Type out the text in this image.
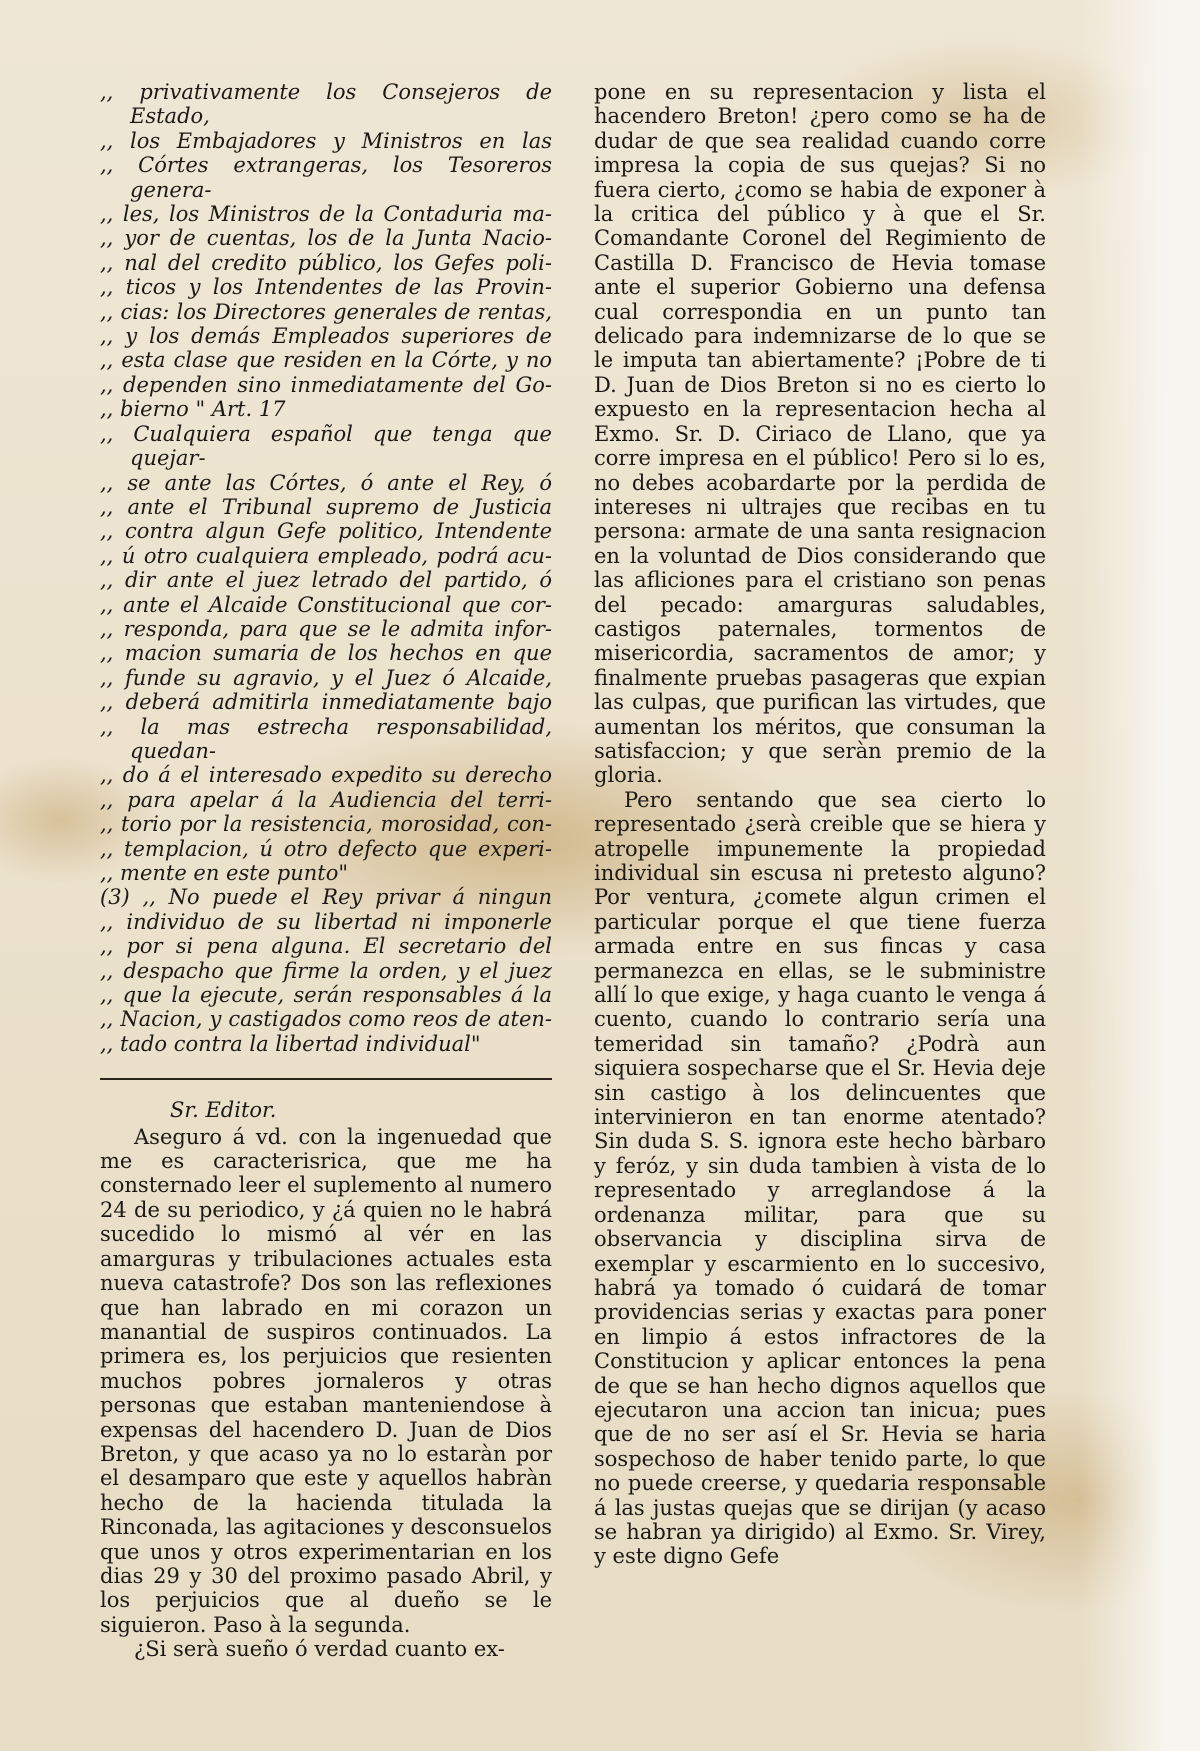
,, privativamente los Consejeros de Estado,
,, los Embajadores y Ministros en las
,, Córtes extrangeras, los Tesoreros genera-
,, les, los Ministros de la Contaduria ma-
,, yor de cuentas, los de la Junta Nacio-
,, nal del credito público, los Gefes poli-
,, ticos y los Intendentes de las Provin-
,, cias: los Directores generales de rentas,
,, y los demás Empleados superiores de
,, esta clase que residen en la Córte, y no
,, dependen sino inmediatamente del Go-
,, bierno " Art. 17
,, Cualquiera español que tenga que quejar-
,, se ante las Córtes, ó ante el Rey, ó
,, ante el Tribunal supremo de Justicia
,, contra algun Gefe politico, Intendente
,, ú otro cualquiera empleado, podrá acu-
,, dir ante el juez letrado del partido, ó
,, ante el Alcaide Constitucional que cor-
,, responda, para que se le admita infor-
,, macion sumaria de los hechos en que
,, funde su agravio, y el Juez ó Alcaide,
,, deberá admitirla inmediatamente bajo
,, la mas estrecha responsabilidad, quedan-
,, do á el interesado expedito su derecho
,, para apelar á la Audiencia del terri-
,, torio por la resistencia, morosidad, con-
,, templacion, ú otro defecto que experi-
,, mente en este punto"
(3) ,, No puede el Rey privar á ningun
,, individuo de su libertad ni imponerle
,, por si pena alguna. El secretario del
,, despacho que firme la orden, y el juez
,, que la ejecute, serán responsables á la
,, Nacion, y castigados como reos de aten-
,, tado contra la libertad individual"

Sr. Editor.

Aseguro á vd. con la ingenuedad que me es caracterisrica, que me ha consternado leer el suplemento al numero 24 de su periodico, y ¿á quien no le habrá sucedido lo mismó al vér en las amarguras y tribulaciones actuales esta nueva catastrofe? Dos son las reflexiones que han labrado en mi corazon un manantial de suspiros continuados. La primera es, los perjuicios que resienten muchos pobres jornaleros y otras personas que estaban manteniendose à expensas del hacendero D. Juan de Dios Breton, y que acaso ya no lo estaràn por el desamparo que este y aquellos habràn hecho de la hacienda titulada la Rinconada, las agitaciones y desconsuelos que unos y otros experimentarian en los dias 29 y 30 del proximo pasado Abril, y los perjuicios que al dueño se le siguieron. Paso à la segunda.

¿Si serà sueño ó verdad cuanto ex-

pone en su representacion y lista el hacendero Breton! ¿pero como se ha de dudar de que sea realidad cuando corre impresa la copia de sus quejas? Si no fuera cierto, ¿como se habia de exponer à la critica del público y à que el Sr. Comandante Coronel del Regimiento de Castilla D. Francisco de Hevia tomase ante el superior Gobierno una defensa cual correspondia en un punto tan delicado para indemnizarse de lo que se le imputa tan abiertamente? ¡Pobre de ti D. Juan de Dios Breton si no es cierto lo expuesto en la representacion hecha al Exmo. Sr. D. Ciriaco de Llano, que ya corre impresa en el público! Pero si lo es, no debes acobardarte por la perdida de intereses ni ultrajes que recibas en tu persona: armate de una santa resignacion en la voluntad de Dios considerando que las afliciones para el cristiano son penas del pecado: amarguras saludables, castigos paternales, tormentos de misericordia, sacramentos de amor; y finalmente pruebas pasageras que expian las culpas, que purifican las virtudes, que aumentan los méritos, que consuman la satisfaccion; y que seràn premio de la gloria.

Pero sentando que sea cierto lo representado ¿serà creible que se hiera y atropelle impunemente la propiedad individual sin escusa ni pretesto alguno? Por ventura, ¿comete algun crimen el particular porque el que tiene fuerza armada entre en sus fincas y casa permanezca en ellas, se le subministre allí lo que exige, y haga cuanto le venga á cuento, cuando lo contrario sería una temeridad sin tamaño? ¿Podrà aun siquiera sospecharse que el Sr. Hevia deje sin castigo à los delincuentes que intervinieron en tan enorme atentado? Sin duda S. S. ignora este hecho bàrbaro y feróz, y sin duda tambien à vista de lo representado y arreglandose á la ordenanza militar, para que su observancia y disciplina sirva de exemplar y escarmiento en lo succesivo, habrá ya tomado ó cuidará de tomar providencias serias y exactas para poner en limpio á estos infractores de la Constitucion y aplicar entonces la pena de que se han hecho dignos aquellos que ejecutaron una accion tan inicua; pues que de no ser así el Sr. Hevia se haria sospechoso de haber tenido parte, lo que no puede creerse, y quedaria responsable á las justas quejas que se dirijan (y acaso se habran ya dirigido) al Exmo. Sr. Virey, y este digno Gefe
